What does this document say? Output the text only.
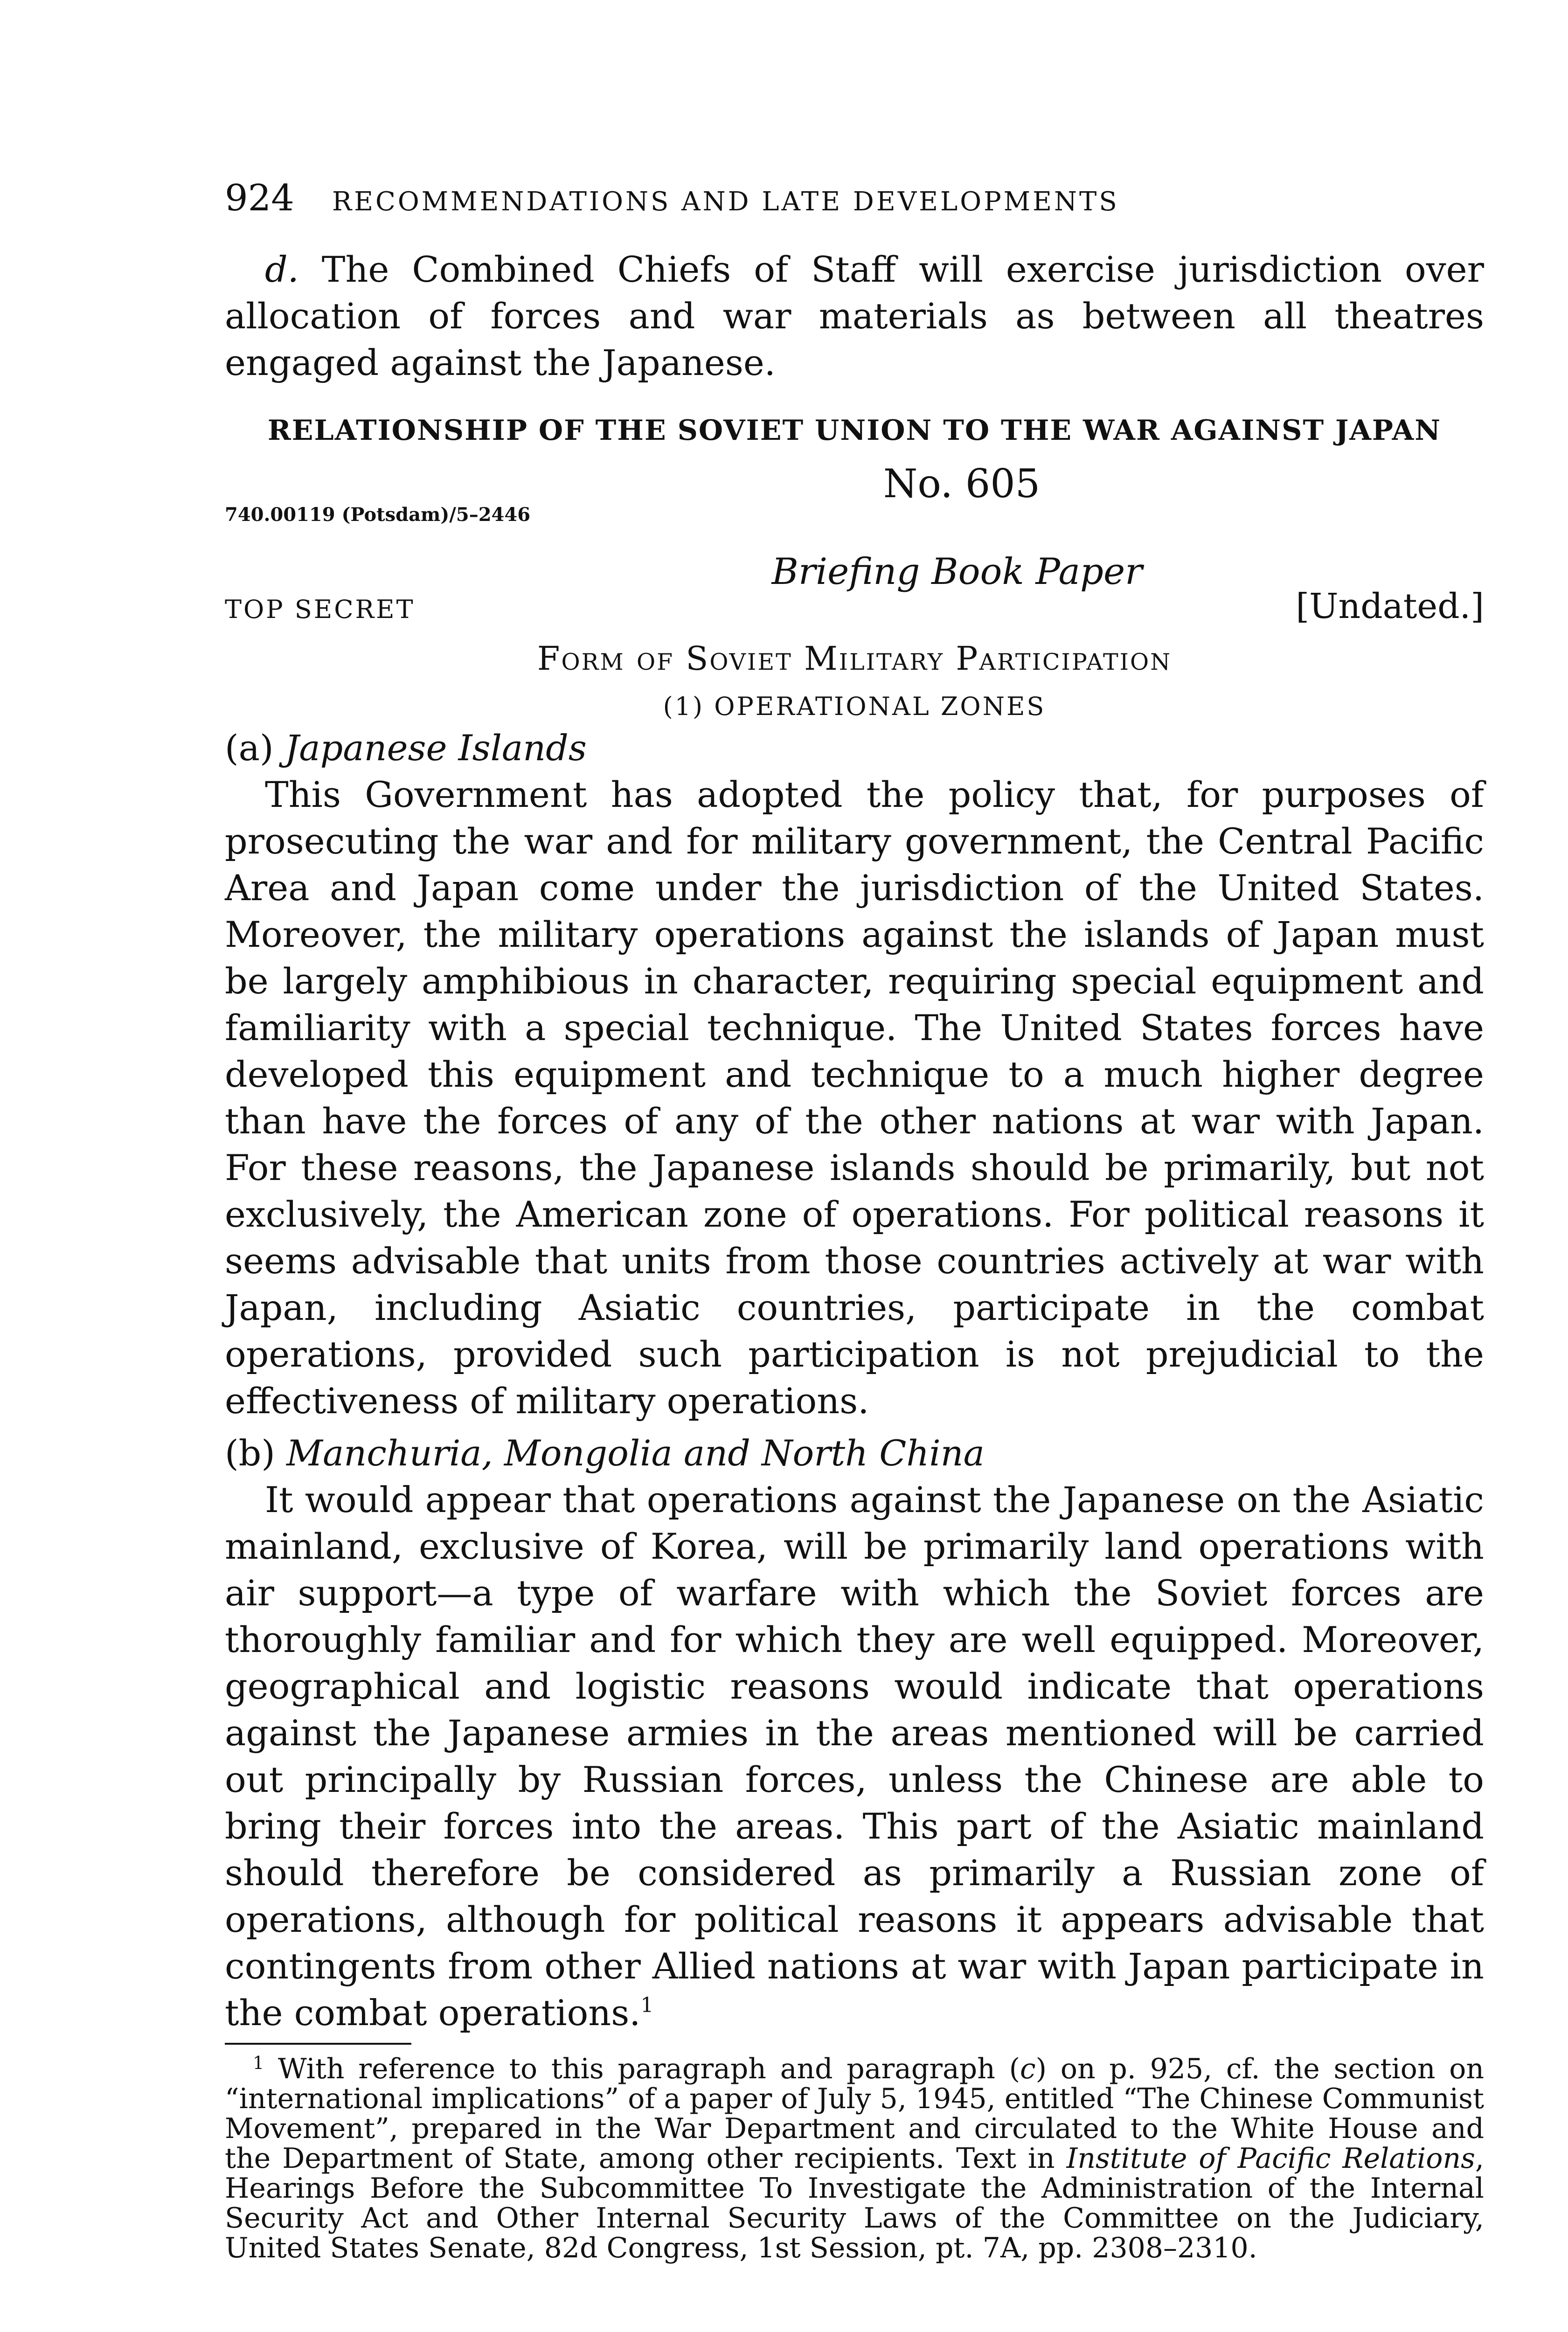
924	RECOMMENDATIONS AND LATE DEVELOPMENTS

d. The Combined Chiefs of Staff will exercise jurisdiction over allocation of forces and war materials as between all theatres engaged against the Japanese.

RELATIONSHIP OF THE SOVIET UNION TO THE WAR AGAINST JAPAN
No. 605
740.00119 (Potsdam)/5–2446
Briefing Book Paper
TOP SECRET	[Undated.]
Form of Soviet Military Participation
(1) OPERATIONAL ZONES
(a) Japanese Islands

This Government has adopted the policy that, for purposes of prosecuting the war and for military government, the Central Pacific Area and Japan come under the jurisdiction of the United States. Moreover, the military operations against the islands of Japan must be largely amphibious in character, requiring special equipment and familiarity with a special technique. The United States forces have developed this equipment and technique to a much higher degree than have the forces of any of the other nations at war with Japan. For these reasons, the Japanese islands should be primarily, but not exclusively, the American zone of operations. For political reasons it seems advisable that units from those countries actively at war with Japan, including Asiatic countries, participate in the combat operations, provided such participation is not prejudicial to the effectiveness of military operations.

(b) Manchuria, Mongolia and North China

It would appear that operations against the Japanese on the Asiatic mainland, exclusive of Korea, will be primarily land operations with air support—a type of warfare with which the Soviet forces are thoroughly familiar and for which they are well equipped. Moreover, geographical and logistic reasons would indicate that operations against the Japanese armies in the areas mentioned will be carried out principally by Russian forces, unless the Chinese are able to bring their forces into the areas. This part of the Asiatic mainland should therefore be considered as primarily a Russian zone of operations, although for political reasons it appears advisable that contingents from other Allied nations at war with Japan participate in the combat operations.$^1$

$^1$ With reference to this paragraph and paragraph (c) on p. 925, cf. the section on “international implications” of a paper of July 5, 1945, entitled “The Chinese Communist Movement”, prepared in the War Department and circulated to the White House and the Department of State, among other recipients. Text in Institute of Pacific Relations, Hearings Before the Subcommittee To Investigate the Administration of the Internal Security Act and Other Internal Security Laws of the Committee on the Judiciary, United States Senate, 82d Congress, 1st Session, pt. 7A, pp. 2308–2310.
